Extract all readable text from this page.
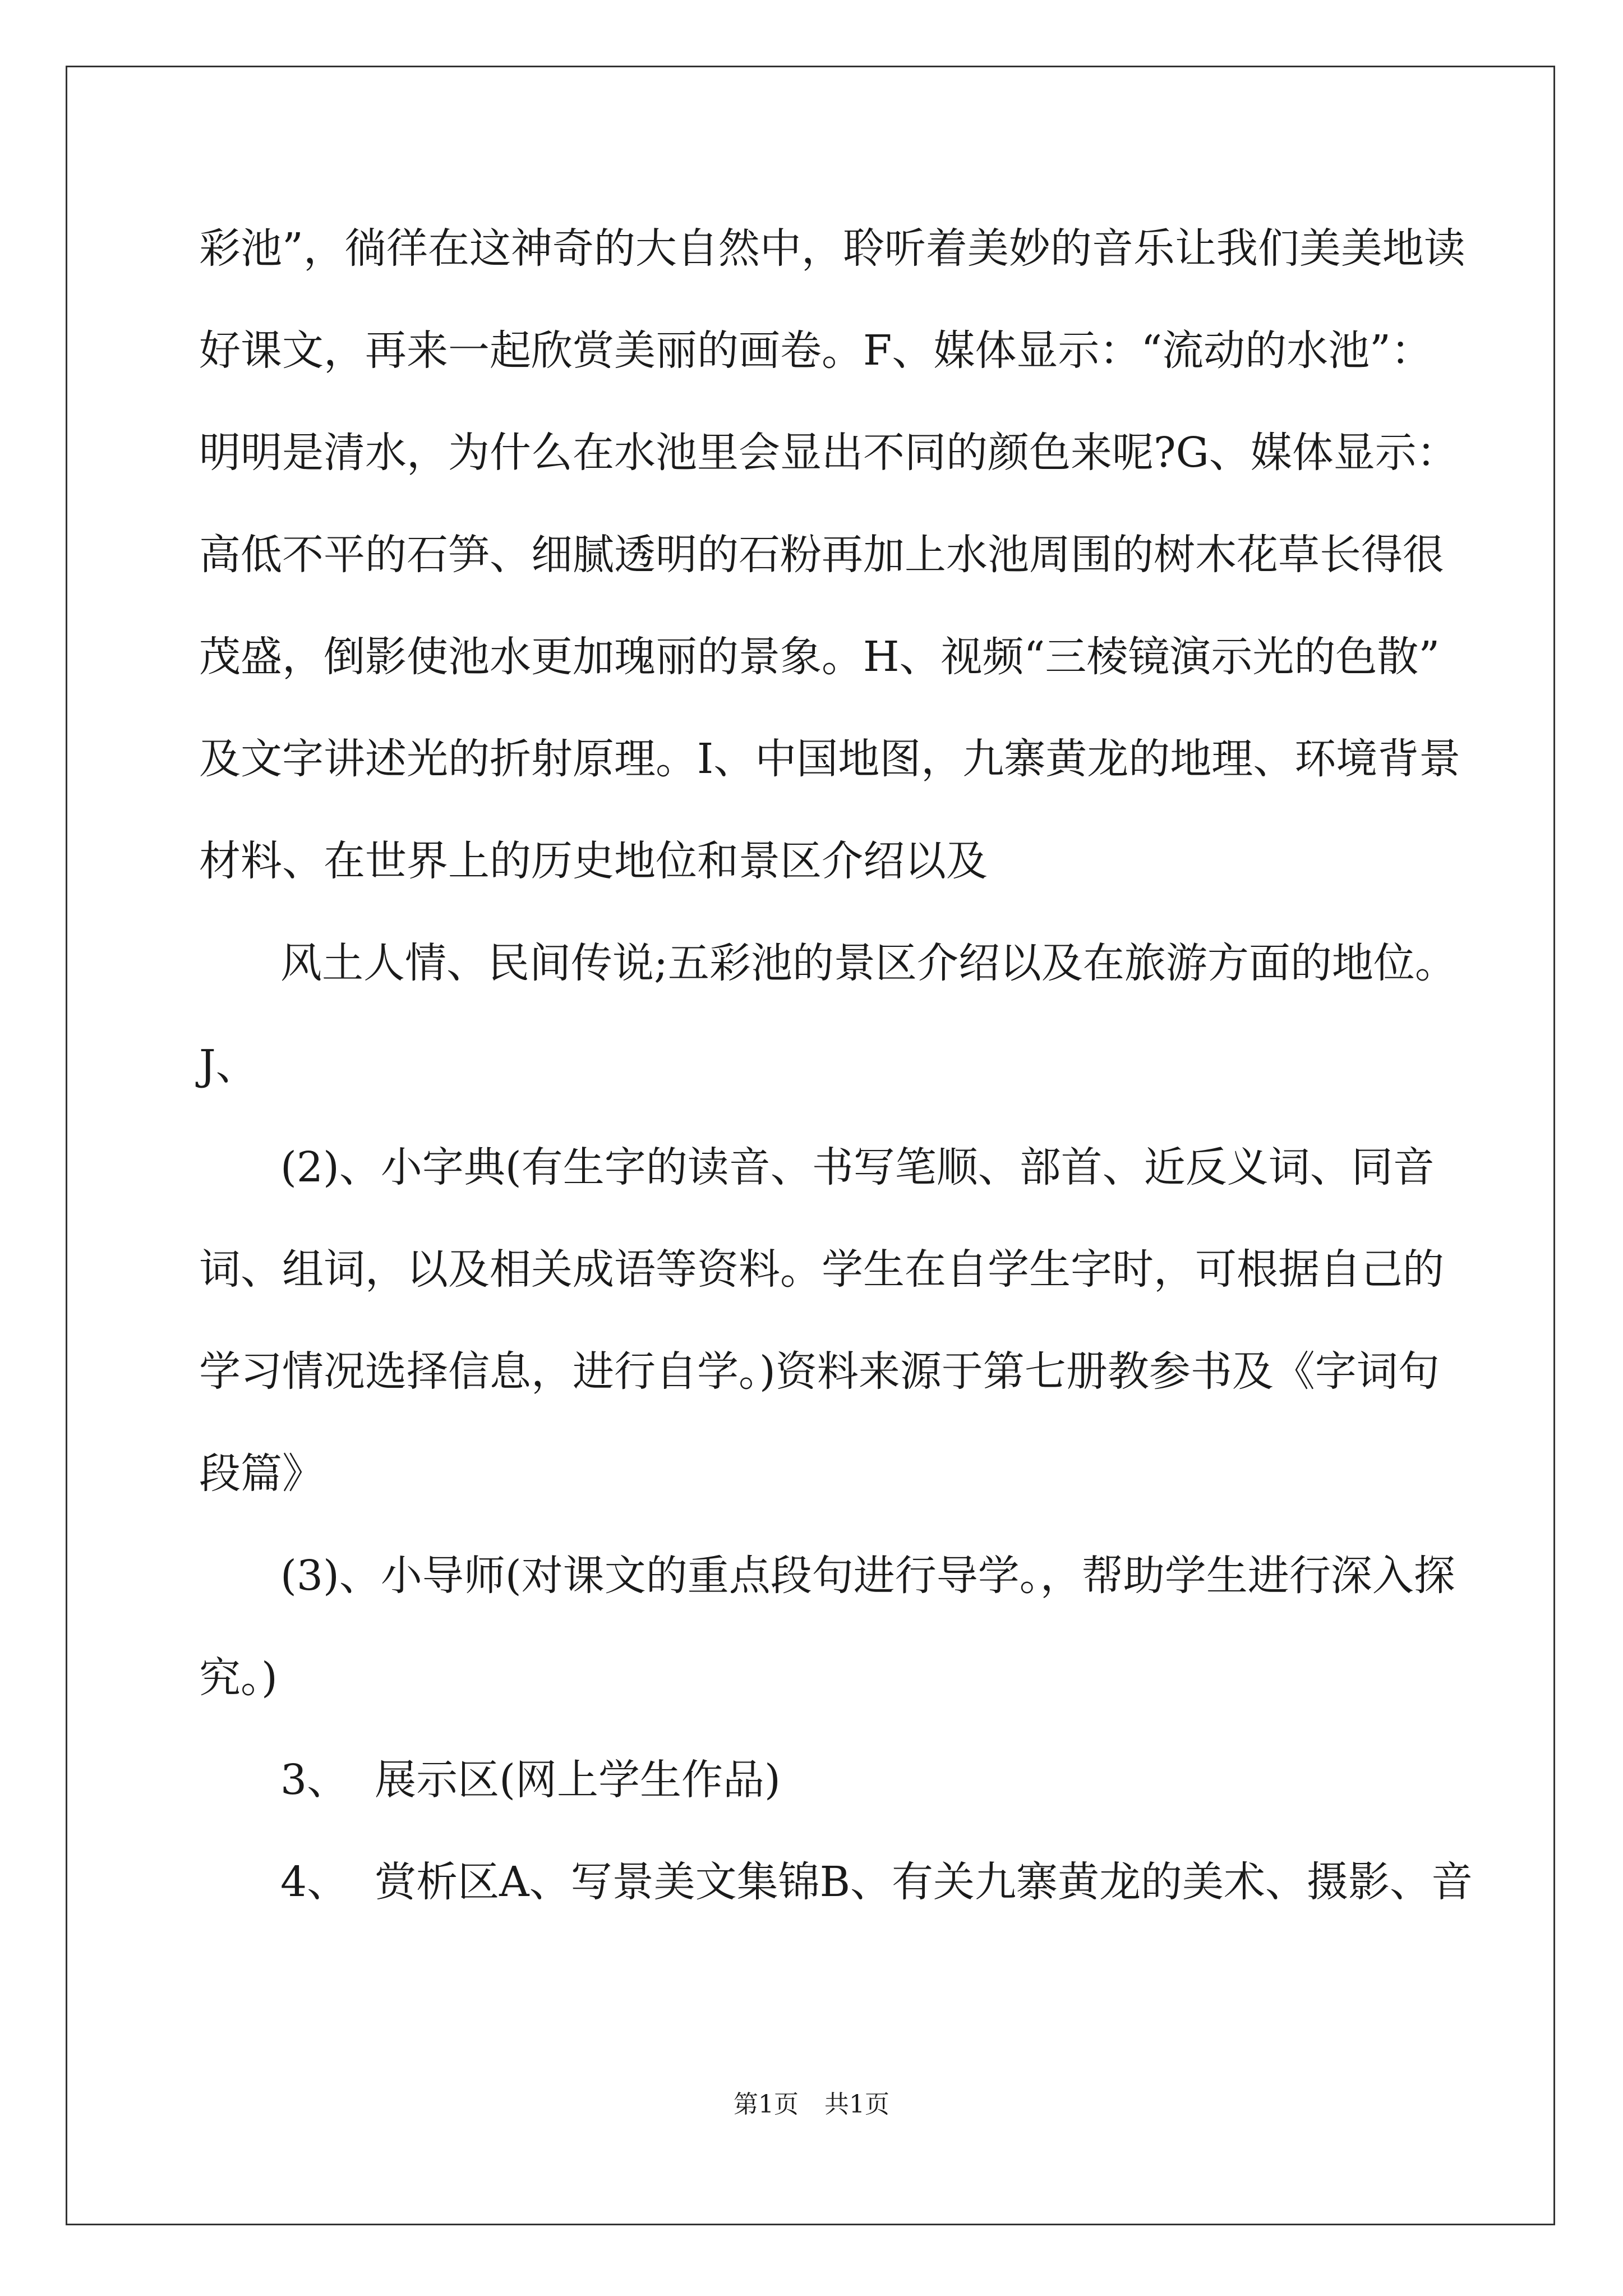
彩池”，徜徉在这神奇的大自然中，聆听着美妙的音乐让我们美美地读
好课文，再来一起欣赏美丽的画卷。F、媒体显示：“流动的水池”：
明明是清水，为什么在水池里会显出不同的颜色来呢?G、媒体显示：
高低不平的石笋、细腻透明的石粉再加上水池周围的树木花草长得很
茂盛，倒影使池水更加瑰丽的景象。H、视频“三棱镜演示光的色散”
及文字讲述光的折射原理。I、中国地图，九寨黄龙的地理、环境背景
材料、在世界上的历史地位和景区介绍以及
风土人情、民间传说;五彩池的景区介绍以及在旅游方面的地位。
J、
(2)、小字典(有生字的读音、书写笔顺、部首、近反义词、同音
词、组词，以及相关成语等资料。学生在自学生字时，可根据自己的
学习情况选择信息，进行自学。)资料来源于第七册教参书及《字词句
段篇》
(3)、小导师(对课文的重点段句进行导学。，帮助学生进行深入探
究。)
3、  展示区(网上学生作品)
4、  赏析区A、写景美文集锦B、有关九寨黄龙的美术、摄影、音
第1页 共1页
